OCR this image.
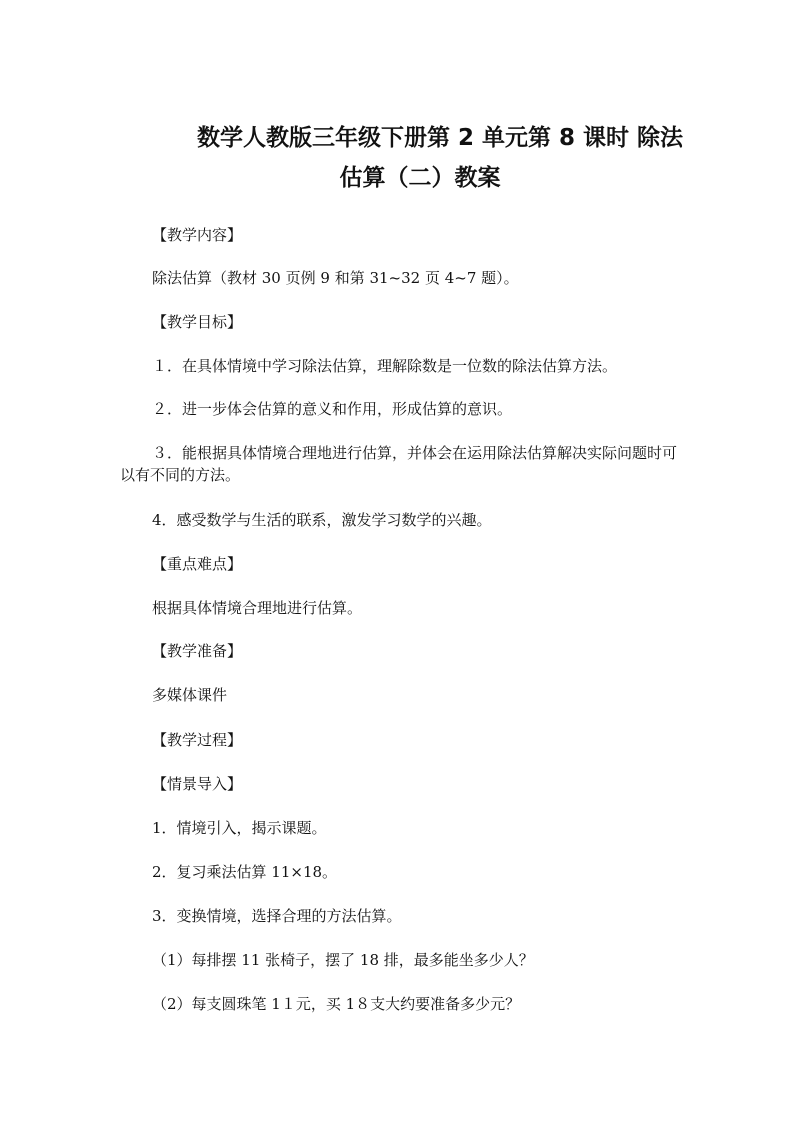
数学人教版三年级下册第 2 单元第 8 课时 除法
估算（二）教案

【教学内容】

除法估算（教材 30 页例 9 和第 31~32 页 4~7 题）。

【教学目标】

１．在具体情境中学习除法估算，理解除数是一位数的除法估算方法。

２．进一步体会估算的意义和作用，形成估算的意识。

３．能根据具体情境合理地进行估算，并体会在运用除法估算解决实际问题时可以有不同的方法。

4．感受数学与生活的联系，激发学习数学的兴趣。

【重点难点】

根据具体情境合理地进行估算。

【教学准备】

多媒体课件

【教学过程】

【情景导入】

1．情境引入，揭示课题。

2．复习乘法估算 11×18。

3．变换情境，选择合理的方法估算。

（1）每排摆 11 张椅子，摆了 18 排，最多能坐多少人？

（2）每支圆珠笔 1１元，买 1８支大约要准备多少元？
